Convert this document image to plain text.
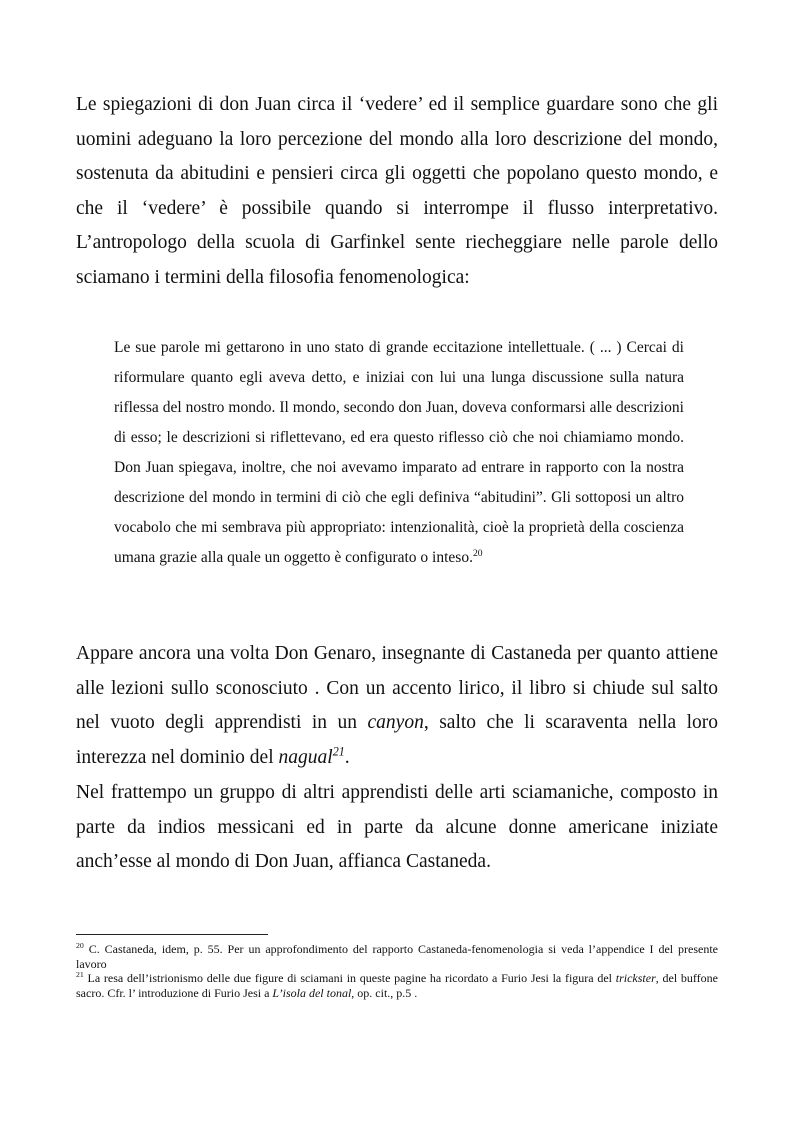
Le spiegazioni di don Juan circa il ‘vedere’ ed il semplice guardare sono che gli uomini adeguano la loro percezione del mondo alla loro descrizione del mondo, sostenuta da abitudini e pensieri circa gli oggetti che popolano questo mondo, e che il ‘vedere’ è possibile quando si interrompe il flusso interpretativo. L’antropologo della scuola di Garfinkel sente riecheggiare nelle parole dello sciamano i termini della filosofia fenomenologica:

Le sue parole mi gettarono in uno stato di grande eccitazione intellettuale. ( ... ) Cercai di riformulare quanto egli aveva detto, e iniziai con lui una lunga discussione sulla natura riflessa del nostro mondo. Il mondo, secondo don Juan, doveva conformarsi alle descrizioni di esso; le descrizioni si riflettevano, ed era questo riflesso ciò che noi chiamiamo mondo. Don Juan spiegava, inoltre, che noi avevamo imparato ad entrare in rapporto con la nostra descrizione del mondo in termini di ciò che egli definiva “abitudini”. Gli sottoposi un altro vocabolo che mi sembrava più appropriato: intenzionalità, cioè la proprietà della coscienza umana grazie alla quale un oggetto è configurato o inteso.$^{20}$

Appare ancora una volta Don Genaro, insegnante di Castaneda per quanto attiene alle lezioni sullo sconosciuto . Con un accento lirico, il libro si chiude sul salto nel vuoto degli apprendisti in un canyon, salto che li scaraventa nella loro interezza nel dominio del nagual$^{21}$.

Nel frattempo un gruppo di altri apprendisti delle arti sciamaniche, composto in parte da indios messicani ed in parte da alcune donne americane iniziate anch’esse al mondo di Don Juan, affianca Castaneda.

$^{20}$ C. Castaneda, idem, p. 55. Per un approfondimento del rapporto Castaneda-fenomenologia si veda l’appendice I del presente lavoro

$^{21}$ La resa dell’istrionismo delle due figure di sciamani in queste pagine ha ricordato a Furio Jesi la figura del trickster, del buffone sacro. Cfr. l’ introduzione di Furio Jesi a L’isola del tonal, op. cit., p.5 .
